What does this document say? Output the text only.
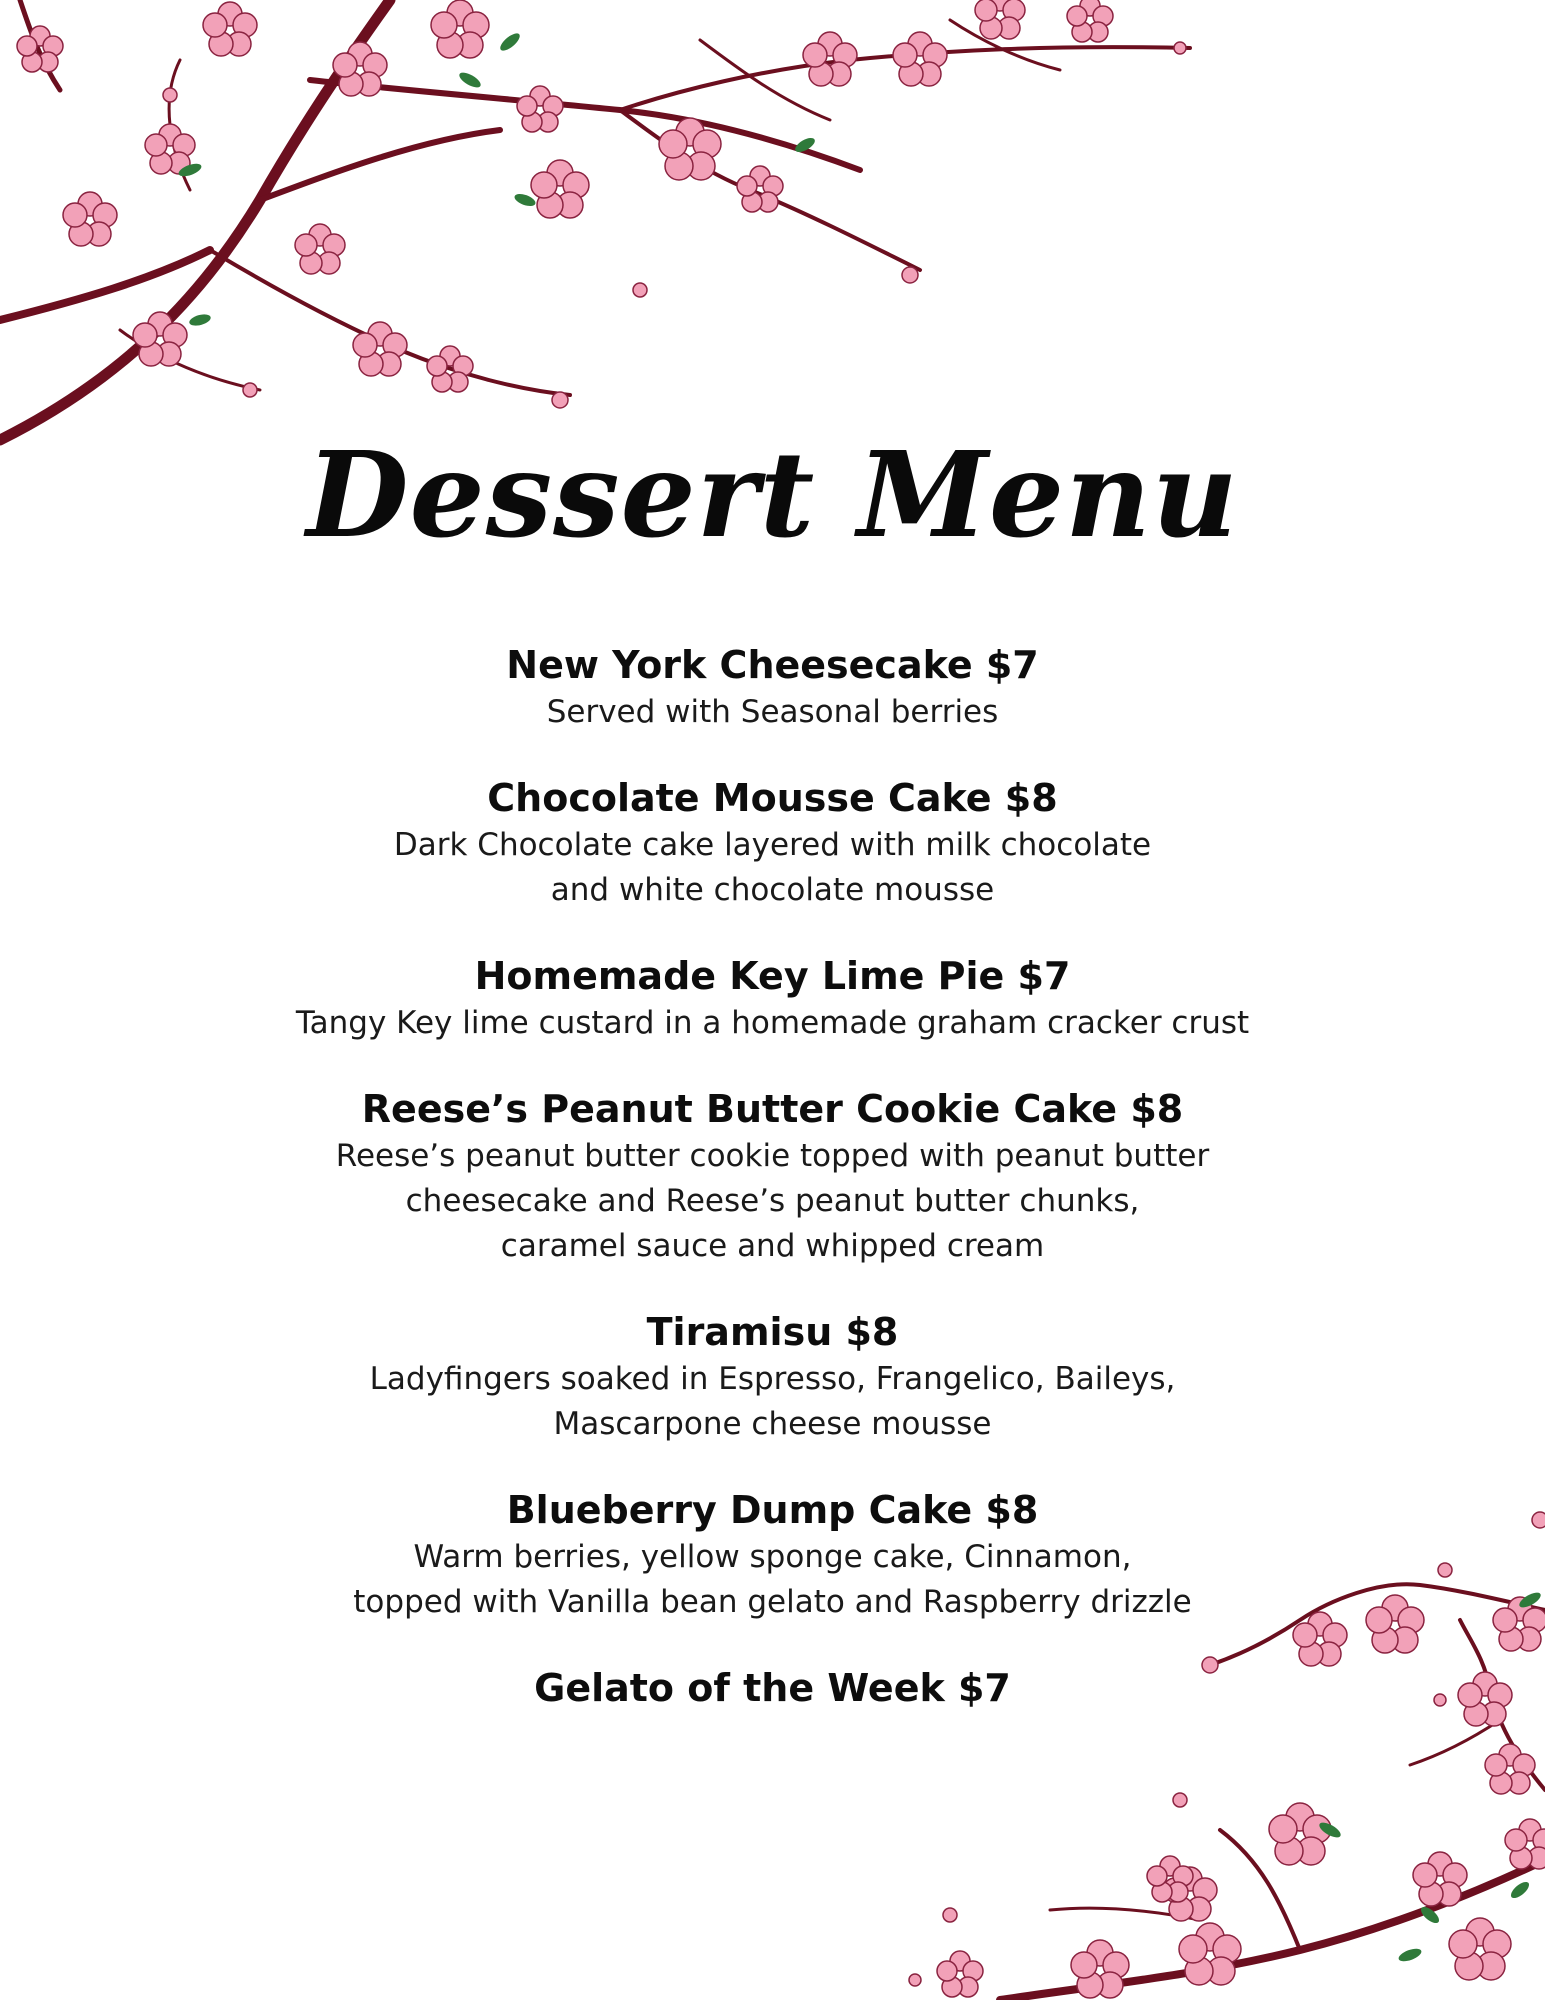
Dessert Menu
New York Cheesecake $7
Served with Seasonal berries
Chocolate Mousse Cake $8
Dark Chocolate cake layered with milk chocolate
and white chocolate mousse
Homemade Key Lime Pie $7
Tangy Key lime custard in a homemade graham cracker crust
Reese’s Peanut Butter Cookie Cake $8
Reese’s peanut butter cookie topped with peanut butter
cheesecake and Reese’s peanut butter chunks,
caramel sauce and whipped cream
Tiramisu $8
Ladyfingers soaked in Espresso, Frangelico, Baileys,
Mascarpone cheese mousse
Blueberry Dump Cake $8
Warm berries, yellow sponge cake, Cinnamon,
topped with Vanilla bean gelato and Raspberry drizzle
Gelato of the Week $7
